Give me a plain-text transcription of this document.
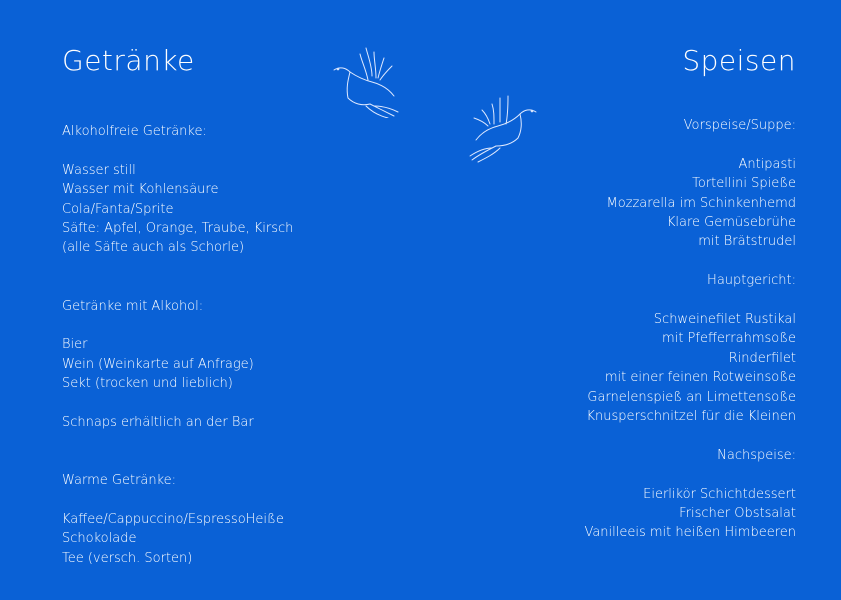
Getränke	Speisen
Alkoholfreie Getränke:
Wasser still
Wasser mit Kohlensäure
Cola/Fanta/Sprite
Säfte: Apfel, Orange, Traube, Kirsch
(alle Säfte auch als Schorle)
Getränke mit Alkohol:
Bier
Wein (Weinkarte auf Anfrage)
Sekt (trocken und lieblich)
Schnaps erhältlich an der Bar
Warme Getränke:
Kaffee/Cappuccino/EspressoHeiße
Schokolade
Tee (versch. Sorten)
Vorspeise/Suppe:
Antipasti
Tortellini Spieße
Mozzarella im Schinkenhemd
Klare Gemüsebrühe
mit Brätstrudel
Hauptgericht:
Schweinefilet Rustikal
mit Pfefferrahmsoße
Rinderfilet
mit einer feinen Rotweinsoße
Garnelenspieß an Limettensoße
Knusperschnitzel für die Kleinen
Nachspeise:
Eierlikör Schichtdessert
Frischer Obstsalat
Vanilleeis mit heißen Himbeeren
